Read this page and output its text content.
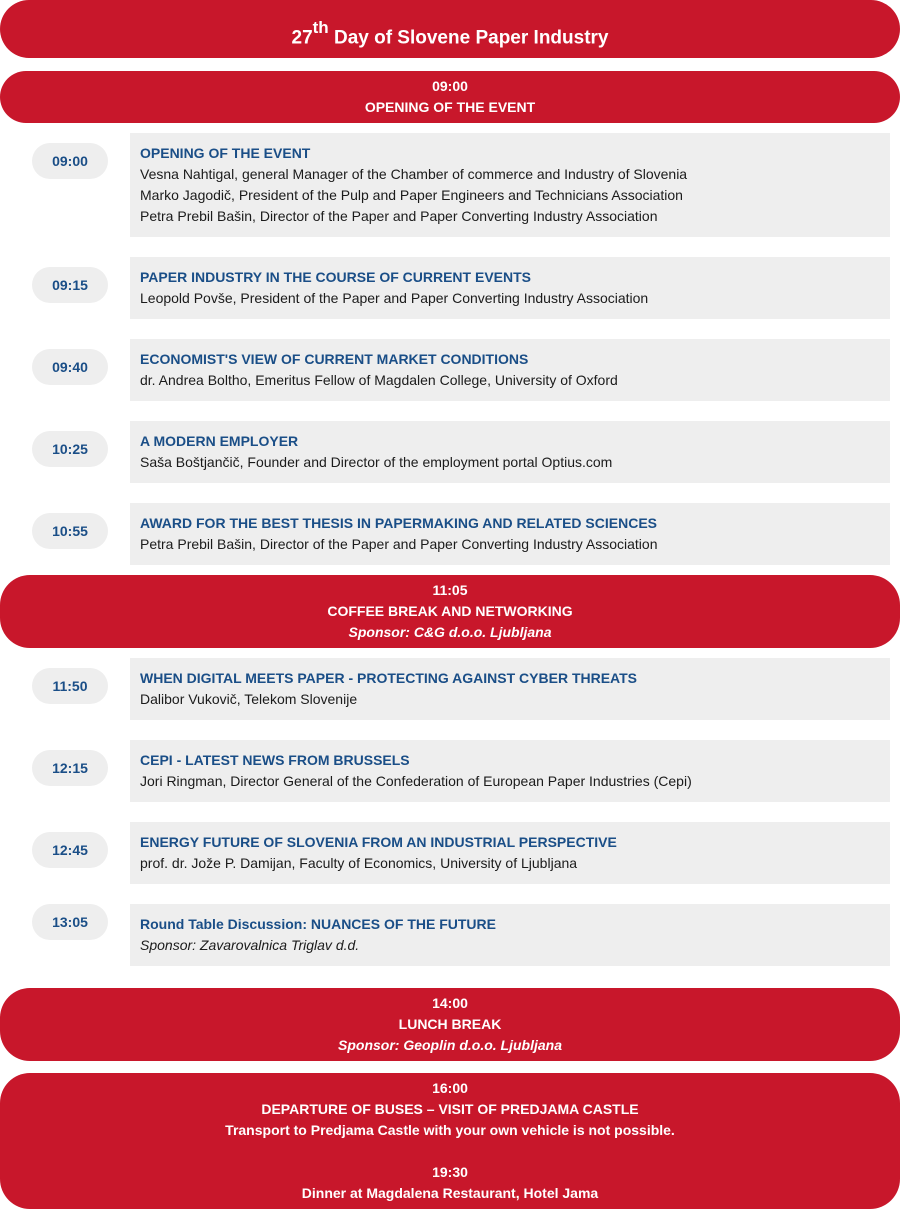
27th Day of Slovene Paper Industry
09:00
OPENING OF THE EVENT
09:00	OPENING OF THE EVENT
Vesna Nahtigal, general Manager of the Chamber of commerce and Industry of Slovenia
Marko Jagodič, President of the Pulp and Paper Engineers and Technicians Association
Petra Prebil Bašin, Director of the Paper and Paper Converting Industry Association
09:15	PAPER INDUSTRY IN THE COURSE OF CURRENT EVENTS
Leopold Povše, President of the Paper and Paper Converting Industry Association
09:40	ECONOMIST'S VIEW OF CURRENT MARKET CONDITIONS
dr. Andrea Boltho, Emeritus Fellow of Magdalen College, University of Oxford
10:25	A MODERN EMPLOYER
Saša Boštjančič, Founder and Director of the employment portal Optius.com
10:55	AWARD FOR THE BEST THESIS IN PAPERMAKING AND RELATED SCIENCES
Petra Prebil Bašin, Director of the Paper and Paper Converting Industry Association
11:05
COFFEE BREAK AND NETWORKING
Sponsor: C&G d.o.o. Ljubljana
11:50	WHEN DIGITAL MEETS PAPER - PROTECTING AGAINST CYBER THREATS
Dalibor Vukovič, Telekom Slovenije
12:15	CEPI - LATEST NEWS FROM BRUSSELS
Jori Ringman, Director General of the Confederation of European Paper Industries (Cepi)
12:45	ENERGY FUTURE OF SLOVENIA FROM AN INDUSTRIAL PERSPECTIVE
prof. dr. Jože P. Damijan, Faculty of Economics, University of Ljubljana
13:05	Round Table Discussion: NUANCES OF THE FUTURE
Sponsor: Zavarovalnica Triglav d.d.
14:00
LUNCH BREAK
Sponsor: Geoplin d.o.o. Ljubljana
16:00
DEPARTURE OF BUSES – VISIT OF PREDJAMA CASTLE
Transport to Predjama Castle with your own vehicle is not possible.
19:30
Dinner at Magdalena Restaurant, Hotel Jama
